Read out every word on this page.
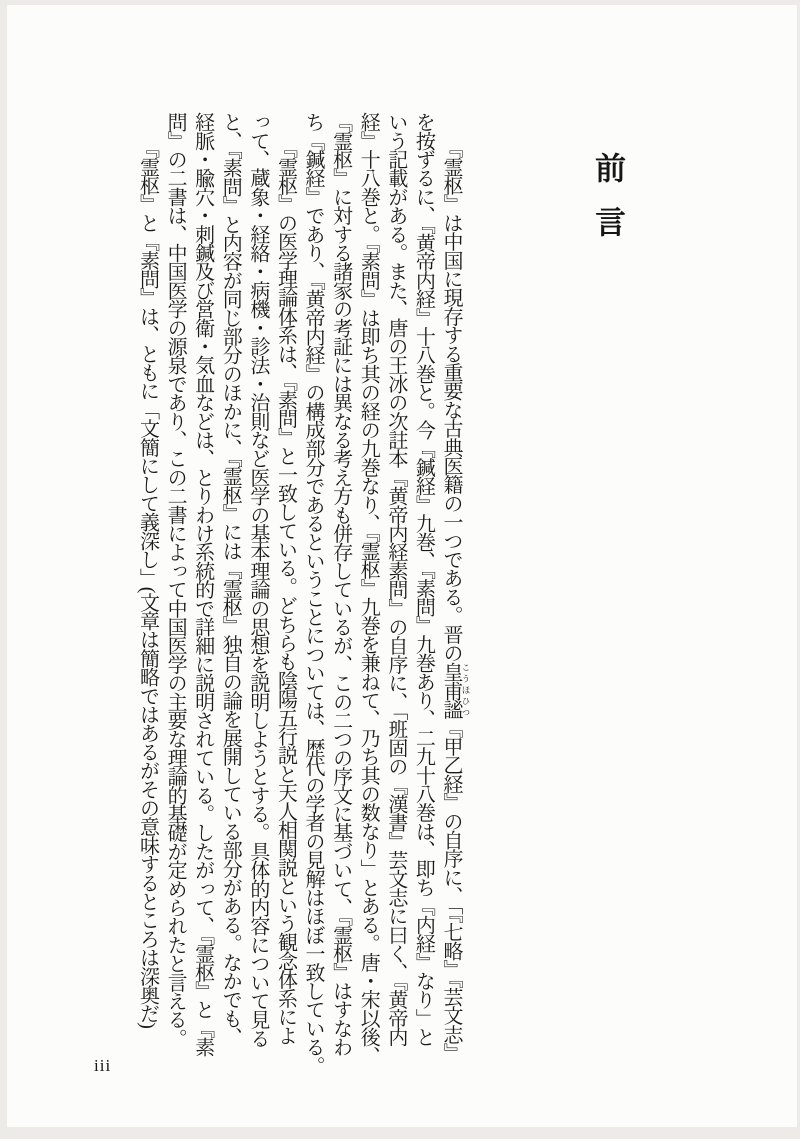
前言
『霊枢』は中国に現存する重要な古典医籍の一つである。晋の皇甫謐 こうほひつ『甲乙経』の自序に、「『七略』『芸文志』
を按ずるに、『黄帝内経』十八巻と。今『鍼経』九巻、『素問』九巻あり、二九十八巻は、即ち『内経』なり」と
いう記載がある。また、唐の王冰の次註本『黄帝内経素問』の自序に、「班固の『漢書』芸文志に曰く、『黄帝内
経』十八巻と。『素問』は即ち其の経の九巻なり、『霊枢』九巻を兼ねて、乃ち其の数なり」とある。唐・宋以後、
『霊枢』に対する諸家の考証には異なる考え方も併存しているが、この二つの序文に基づいて、『霊枢』はすなわ
ち『鍼経』であり、『黄帝内経』の構成部分であるということについては、歴代の学者の見解はほぼ一致している。
『霊枢』の医学理論体系は、『素問』と一致している。どちらも陰陽五行説と天人相関説という観念体系によ
って、蔵象・経絡・病機・診法・治則など医学の基本理論の思想を説明しようとする。具体的内容について見る
と、『素問』と内容が同じ部分のほかに、『霊枢』には『霊枢』独自の論を展開している部分がある。なかでも、
経脈・腧穴・刺鍼及び営衛・気血などは、とりわけ系統的で詳細に説明されている。したがって、『霊枢』と『素
問』の二書は、中国医学の源泉であり、この二書によって中国医学の主要な理論的基礎が定められたと言える。
『霊枢』と『素問』は、ともに「文簡にして義深し」(文章は簡略ではあるがその意味するところは深奥だ)
iii
